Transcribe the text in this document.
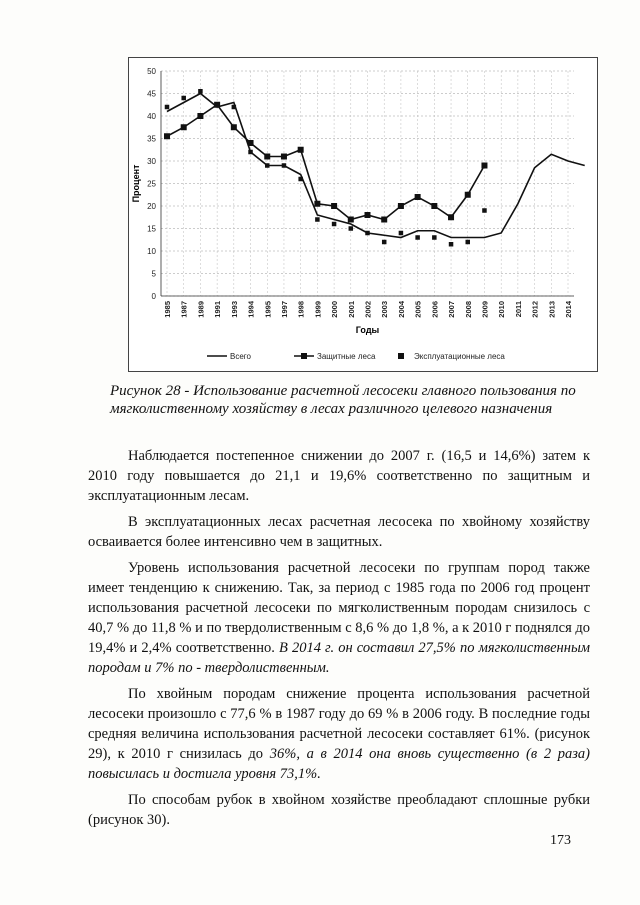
0
5
10
15
20
25
30
35
40
45
50
1985 1987 1989 1991 1993 1994 1995 1997 1998 1999 2000 2001 2002 2003 2004 2005 2006 2007 2008 2009 2010 2011 2012 2013 2014
Процент
Годы
Всего	Защитные леса	Эксплуатационные леса
Рисунок 28 - Использование расчетной лесосеки главного пользования по мягколиственному хозяйству в лесах различного целевого назначения

Наблюдается постепенное снижении до 2007 г. (16,5 и 14,6%) затем к 2010 году повышается до 21,1 и 19,6% соответственно по защитным и эксплуатационным лесам.

В эксплуатационных лесах расчетная лесосека по хвойному хозяйству осваивается более интенсивно чем в защитных.

Уровень использования расчетной лесосеки по группам пород также имеет тенденцию к снижению. Так, за период с 1985 года по 2006 год процент использования расчетной лесосеки по мягколиственным породам снизилось с 40,7 % до 11,8 % и по твердолиственным с 8,6 % до 1,8 %, а к 2010 г поднялся до 19,4% и 2,4% соответственно. В 2014 г. он составил 27,5% по мягколиственным породам и 7% по - твердолиственным.

По хвойным породам снижение процента использования расчетной лесосеки произошло с 77,6 % в 1987 году до 69 % в 2006 году. В последние годы средняя величина использования расчетной лесосеки составляет 61%. (рисунок 29), к 2010 г снизилась до 36%, а в 2014 она вновь существенно (в 2 раза) повысилась и достигла уровня 73,1%.

По способам рубок в хвойном хозяйстве преобладают сплошные рубки (рисунок 30).

173
